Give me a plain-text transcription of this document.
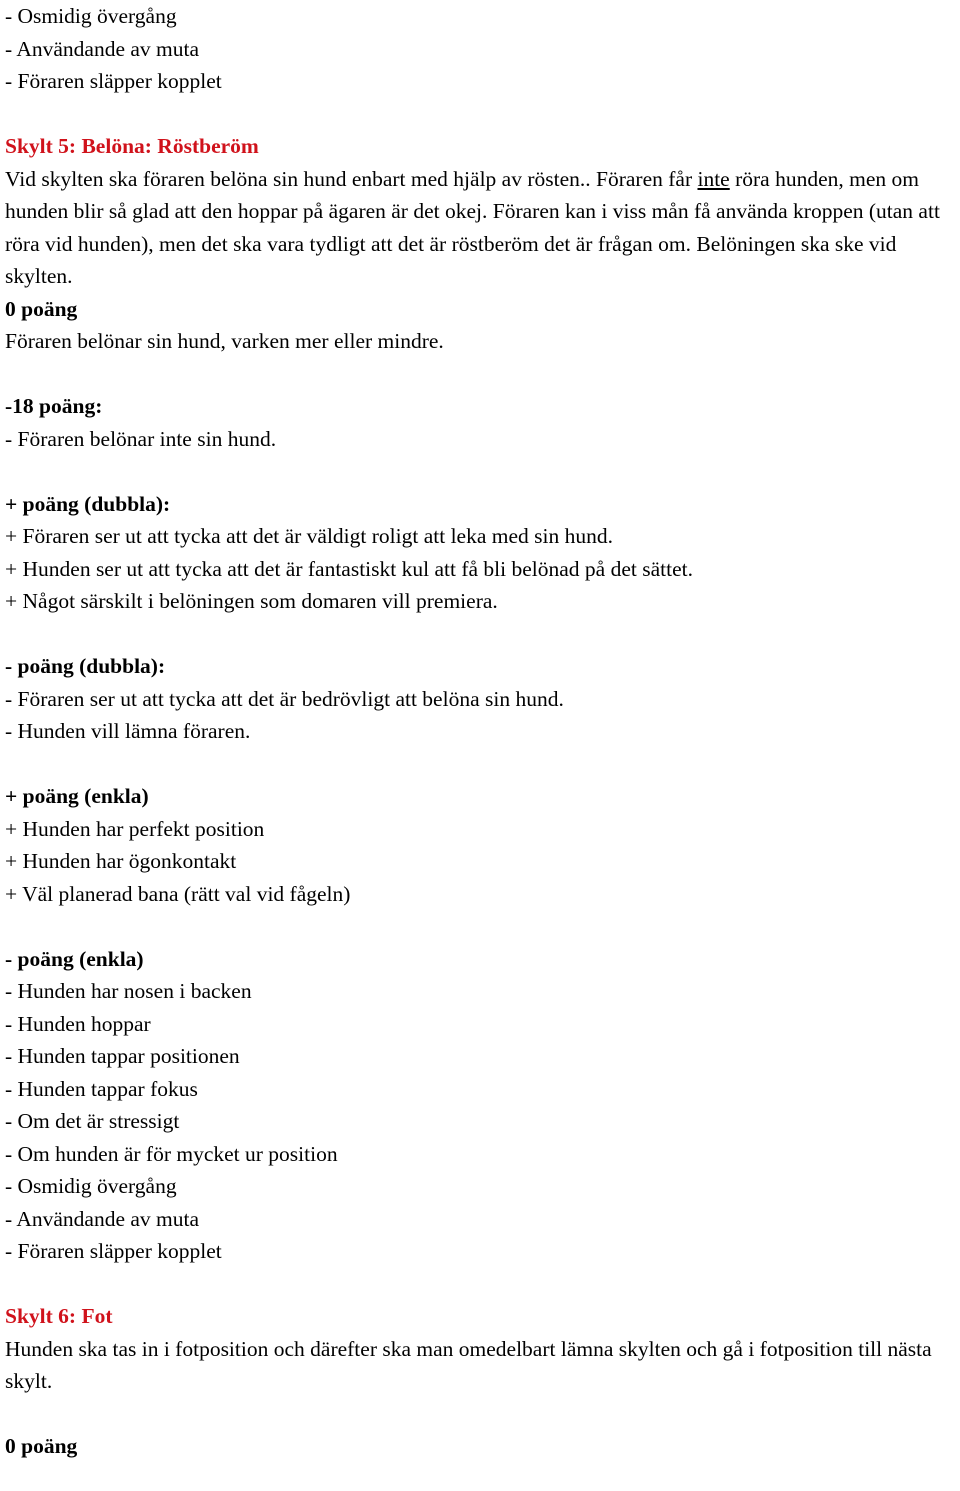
- Osmidig övergång
- Användande av muta
- Föraren släpper kopplet
Skylt 5: Belöna: Röstberöm
Vid skylten ska föraren belöna sin hund enbart med hjälp av rösten.. Föraren får inte röra hunden, men om hunden blir så glad att den hoppar på ägaren är det okej. Föraren kan i viss mån få använda kroppen (utan att röra vid hunden), men det ska vara tydligt att det är röstberöm det är frågan om. Belöningen ska ske vid skylten.
0 poäng
Föraren belönar sin hund, varken mer eller mindre.
-18 poäng:
- Föraren belönar inte sin hund.
+ poäng (dubbla):
+ Föraren ser ut att tycka att det är väldigt roligt att leka med sin hund.
+ Hunden ser ut att tycka att det är fantastiskt kul att få bli belönad på det sättet.
+ Något särskilt i belöningen som domaren vill premiera.
- poäng (dubbla):
- Föraren ser ut att tycka att det är bedrövligt att belöna sin hund.
- Hunden vill lämna föraren.
+ poäng (enkla)
+ Hunden har perfekt position
+ Hunden har ögonkontakt
+ Väl planerad bana (rätt val vid fågeln)
- poäng (enkla)
- Hunden har nosen i backen
- Hunden hoppar
- Hunden tappar positionen
- Hunden tappar fokus
- Om det är stressigt
- Om hunden är för mycket ur position
- Osmidig övergång
- Användande av muta
- Föraren släpper kopplet
Skylt 6: Fot
Hunden ska tas in i fotposition och därefter ska man omedelbart lämna skylten och gå i fotposition till nästa skylt.
0 poäng
